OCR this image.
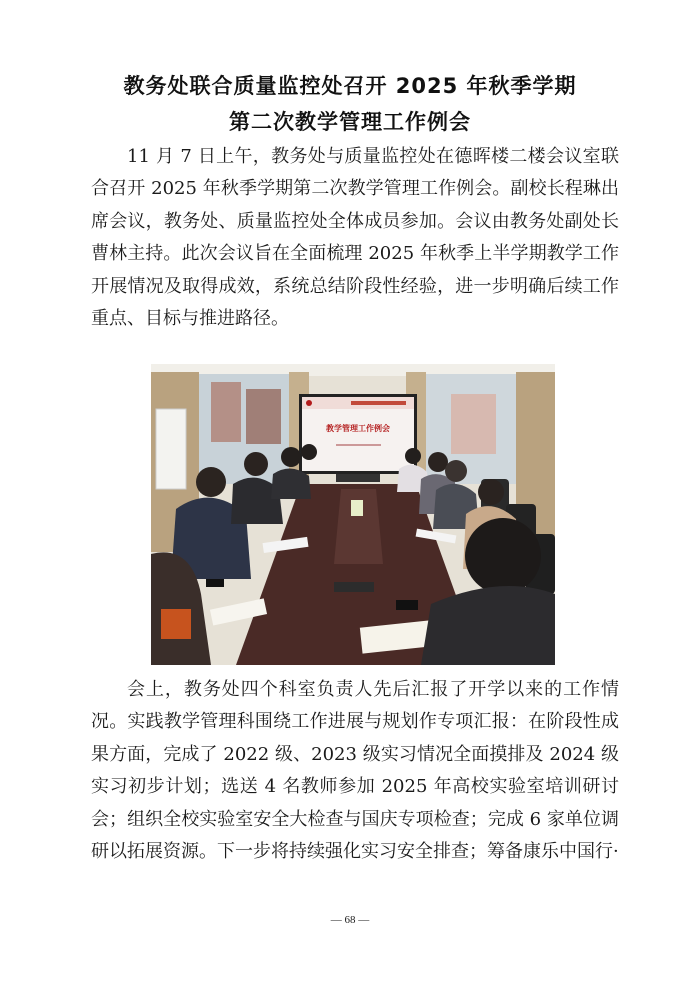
教务处联合质量监控处召开 2025 年秋季学期
第二次教学管理工作例会

11 月 7 日上午，教务处与质量监控处在德晖楼二楼会议室联合召开 2025 年秋季学期第二次教学管理工作例会。副校长程琳出席会议，教务处、质量监控处全体成员参加。会议由教务处副处长曹林主持。此次会议旨在全面梳理 2025 年秋季上半学期教学工作开展情况及取得成效，系统总结阶段性经验，进一步明确后续工作重点、目标与推进路径。

教学管理工作例会

会上，教务处四个科室负责人先后汇报了开学以来的工作情况。实践教学管理科围绕工作进展与规划作专项汇报：在阶段性成果方面，完成了 2022 级、2023 级实习情况全面摸排及 2024 级实习初步计划；选送 4 名教师参加 2025 年高校实验室培训研讨会；组织全校实验室安全大检查与国庆专项检查；完成 6 家单位调研以拓展资源。下一步将持续强化实习安全排查；筹备康乐中国行·

— 68 —
